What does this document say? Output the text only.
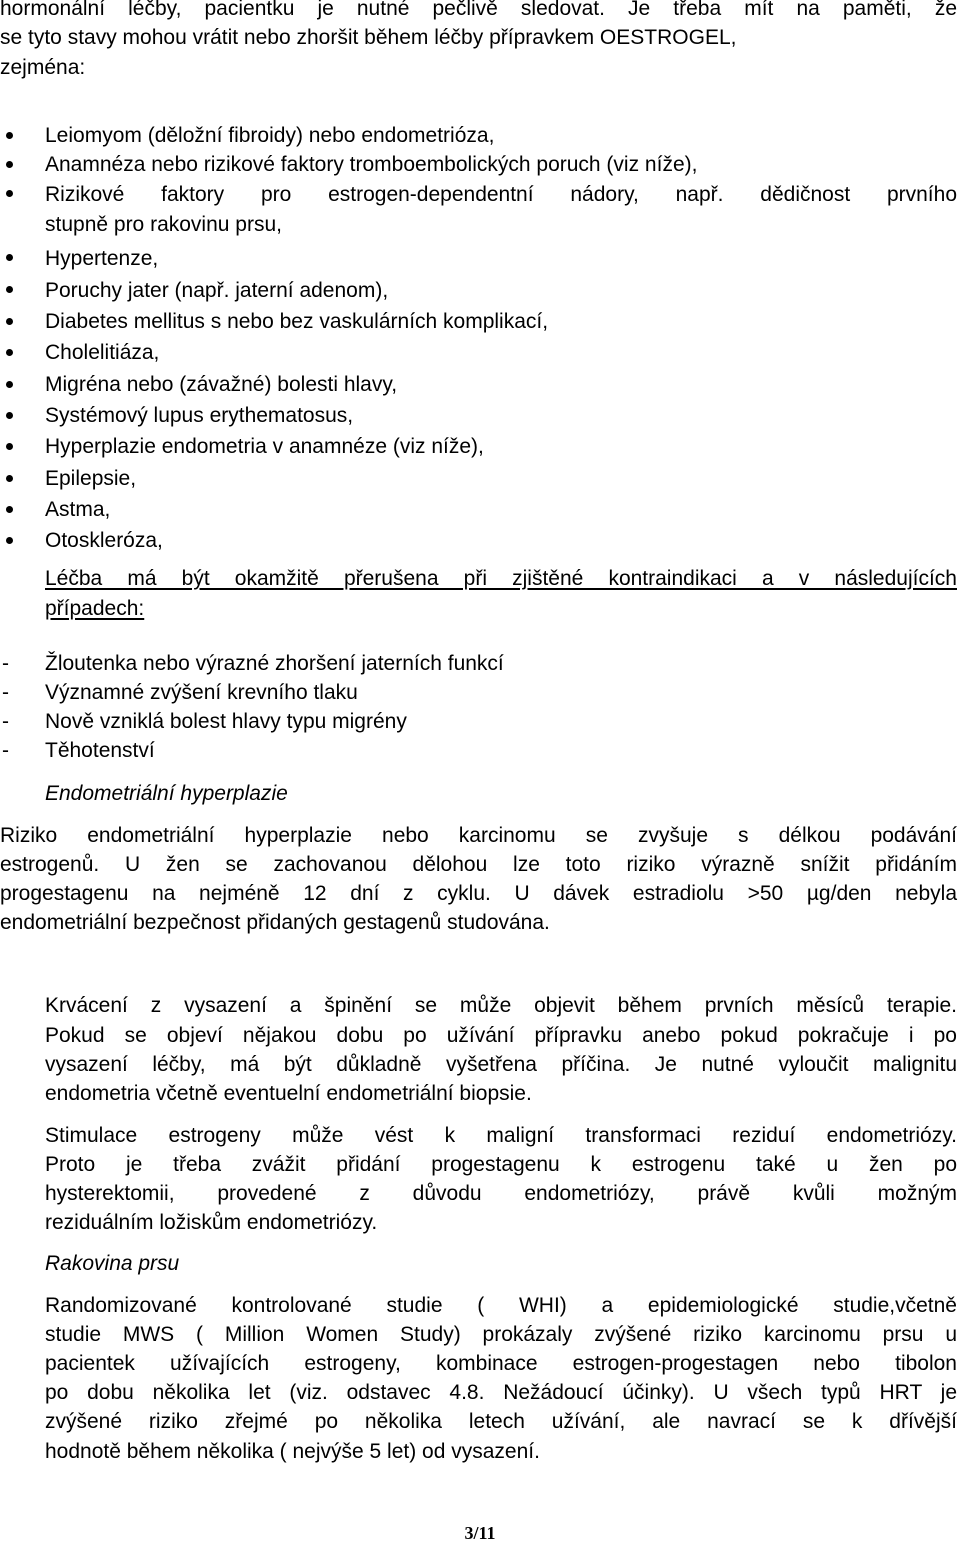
hormonální léčby, pacientku je nutné pečlivě sledovat. Je třeba mít na paměti, že
se tyto stavy mohou vrátit nebo zhoršit během léčby přípravkem OESTROGEL,
zejména:
Leiomyom (děložní fibroidy) nebo endometrióza,
Anamnéza nebo rizikové faktory tromboembolických poruch (viz níže),
Rizikové faktory pro estrogen-dependentní nádory, např. dědičnost prvního
stupně pro rakovinu prsu,
Hypertenze,
Poruchy jater (např. jaterní adenom),
Diabetes mellitus s nebo bez vaskulárních komplikací,
Cholelitiáza,
Migréna nebo (závažné) bolesti hlavy,
Systémový lupus erythematosus,
Hyperplazie endometria v anamnéze (viz níže),
Epilepsie,
Astma,
Otoskleróza,
Léčba má být okamžitě přerušena při zjištěné kontraindikaci a v následujících
případech:
- Žloutenka nebo výrazné zhoršení jaterních funkcí
- Významné zvýšení krevního tlaku
- Nově vzniklá bolest hlavy typu migrény
- Těhotenství
Endometriální hyperplazie
Riziko endometriální hyperplazie nebo karcinomu se zvyšuje s délkou podávání
estrogenů. U žen se zachovanou dělohou lze toto riziko výrazně snížit přidáním
progestagenu na nejméně 12 dní z cyklu. U dávek estradiolu >50 µg/den nebyla
endometriální bezpečnost přidaných gestagenů studována.
Krvácení z vysazení a špinění se může objevit během prvních měsíců terapie.
Pokud se objeví nějakou dobu po užívání přípravku anebo pokud pokračuje i po
vysazení léčby, má být důkladně vyšetřena příčina. Je nutné vyloučit malignitu
endometria včetně eventuelní endometriální biopsie.
Stimulace estrogeny může vést k maligní transformaci reziduí endometriózy.
Proto je třeba zvážit přidání progestagenu k estrogenu také u žen po
hysterektomii, provedené z důvodu endometriózy, právě kvůli možným
reziduálním ložiskům endometriózy.
Rakovina prsu
Randomizované kontrolované studie ( WHI) a epidemiologické studie,včetně
studie MWS ( Million Women Study) prokázaly zvýšené riziko karcinomu prsu u
pacientek užívajících estrogeny, kombinace estrogen-progestagen nebo tibolon
po dobu několika let (viz. odstavec 4.8. Nežádoucí účinky). U všech typů HRT je
zvýšené riziko zřejmé po několika letech užívání, ale navrací se k dřívější
hodnotě během několika ( nejvýše 5 let) od vysazení.
3/11
